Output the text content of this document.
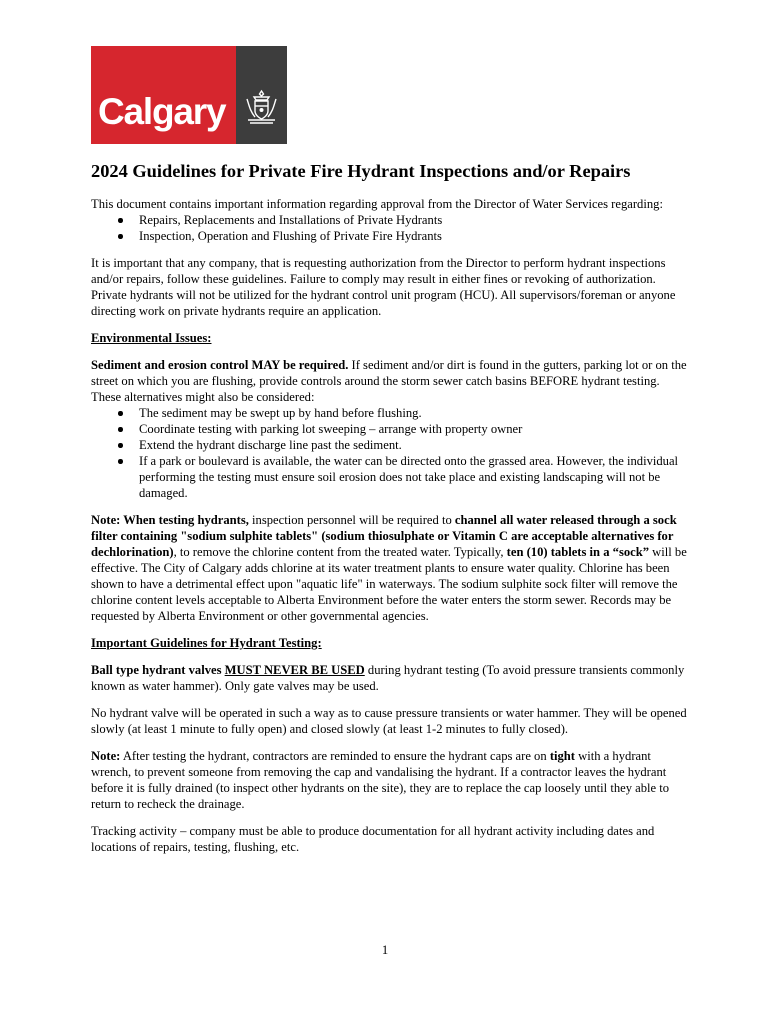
Calgary
2024 Guidelines for Private Fire Hydrant Inspections and/or Repairs

This document contains important information regarding approval from the Director of Water Services regarding:

Repairs, Replacements and Installations of Private Hydrants
Inspection, Operation and Flushing of Private Fire Hydrants

It is important that any company, that is requesting authorization from the Director to perform hydrant inspections and/or repairs, follow these guidelines. Failure to comply may result in either fines or revoking of authorization. Private hydrants will not be utilized for the hydrant control unit program (HCU). All supervisors/foreman or anyone directing work on private hydrants require an application.

Environmental Issues:

Sediment and erosion control MAY be required. If sediment and/or dirt is found in the gutters, parking lot or on the street on which you are flushing, provide controls around the storm sewer catch basins BEFORE hydrant testing. These alternatives might also be considered:

The sediment may be swept up by hand before flushing.
Coordinate testing with parking lot sweeping – arrange with property owner
Extend the hydrant discharge line past the sediment.
If a park or boulevard is available, the water can be directed onto the grassed area. However, the individual performing the testing must ensure soil erosion does not take place and existing landscaping will not be damaged.

Note: When testing hydrants, inspection personnel will be required to channel all water released through a sock filter containing "sodium sulphite tablets" (sodium thiosulphate or Vitamin C are acceptable alternatives for dechlorination), to remove the chlorine content from the treated water. Typically, ten (10) tablets in a “sock” will be effective. The City of Calgary adds chlorine at its water treatment plants to ensure water quality. Chlorine has been shown to have a detrimental effect upon "aquatic life" in waterways. The sodium sulphite sock filter will remove the chlorine content levels acceptable to Alberta Environment before the water enters the storm sewer. Records may be requested by Alberta Environment or other governmental agencies.

Important Guidelines for Hydrant Testing:

Ball type hydrant valves MUST NEVER BE USED during hydrant testing (To avoid pressure transients commonly known as water hammer). Only gate valves may be used.

No hydrant valve will be operated in such a way as to cause pressure transients or water hammer. They will be opened slowly (at least 1 minute to fully open) and closed slowly (at least 1-2 minutes to fully closed).

Note: After testing the hydrant, contractors are reminded to ensure the hydrant caps are on tight with a hydrant wrench, to prevent someone from removing the cap and vandalising the hydrant. If a contractor leaves the hydrant before it is fully drained (to inspect other hydrants on the site), they are to replace the cap loosely until they able to return to recheck the drainage.

Tracking activity – company must be able to produce documentation for all hydrant activity including dates and locations of repairs, testing, flushing, etc.

1
